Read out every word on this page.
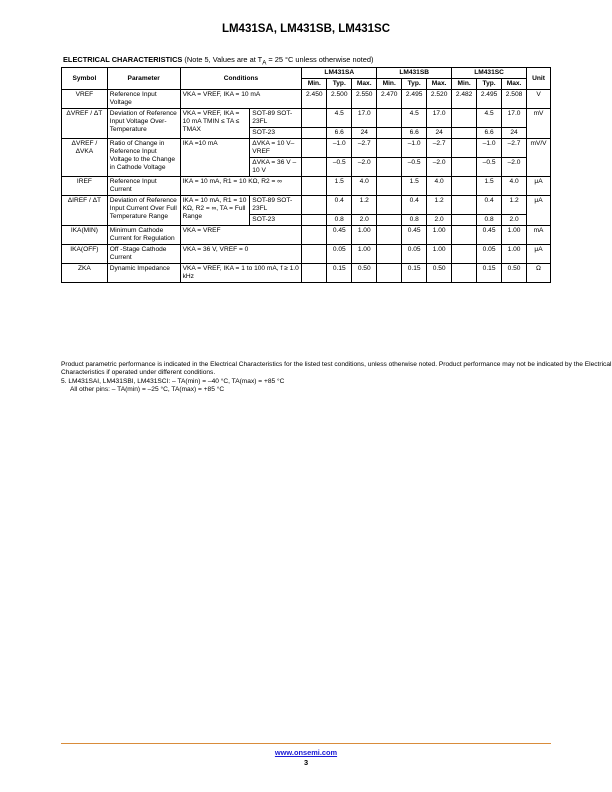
LM431SA, LM431SB, LM431SC
ELECTRICAL CHARACTERISTICS (Note 5, Values are at $T_A = 25$ °C unless otherwise noted)
Symbol	Parameter	Conditions		LM431SA			LM431SB			LM431SC			Unit
				Min.	Typ.	Max.	Min.	Typ.	Max.	Min.	Typ.	Max.	
VREF	Reference Input Voltage	VKA = VREF, IKA = 10 mA		2.450	2.500	2.550	2.470	2.495	2.520	2.482	2.495	2.508	V
ΔVREF / ΔT	Deviation of Reference Input Voltage Over- Temperature	VKA = VREF, IKA = 10 mA TMIN ≤ TA ≤ TMAX	SOT-89 SOT-23FL		4.5	17.0		4.5	17.0		4.5	17.0	mV
			SOT-23		6.6	24		6.6	24		6.6	24	
ΔVREF / ΔVKA	Ratio of Change in Reference Input Voltage to the Change in Cathode Voltage	IKA =10 mA	ΔVKA = 10 V–VREF		–1.0	–2.7		–1.0	–2.7		–1.0	–2.7	mV/V
			ΔVKA = 36 V – 10 V		–0.5	–2.0		–0.5	–2.0		–0.5	–2.0	
IREF	Reference Input Current	IKA = 10 mA, R1 = 10 KΩ, R2 = ∞			1.5	4.0		1.5	4.0		1.5	4.0	μA
ΔIREF / ΔT	Deviation of Reference Input Current Over Full Temperature Range	IKA = 10 mA, R1 = 10 KΩ, R2 = ∞, TA = Full Range	SOT-89 SOT-23FL		0.4	1.2		0.4	1.2		0.4	1.2	μA
			SOT-23		0.8	2.0		0.8	2.0		0.8	2.0	
IKA(MIN)	Minimum Cathode Current for Regulation	VKA = VREF			0.45	1.00		0.45	1.00		0.45	1.00	mA
IKA(OFF)	Off -Stage Cathode Current	VKA = 36 V, VREF = 0			0.05	1.00		0.05	1.00		0.05	1.00	μA
ZKA	Dynamic Impedance	VKA = VREF, IKA = 1 to 100 mA, f ≥ 1.0 kHz			0.15	0.50		0.15	0.50		0.15	0.50	Ω
Product parametric performance is indicated in the Electrical Characteristics for the listed test conditions, unless otherwise noted. Product performance may not be indicated by the Electrical Characteristics if operated under different conditions.
5. LM431SAI, LM431SBI, LM431SCI: – TA(min) = –40 °C, TA(max) = +85 °C
All other pins: – TA(min) = –25 °C, TA(max) = +85 °C
www.onsemi.com
3
